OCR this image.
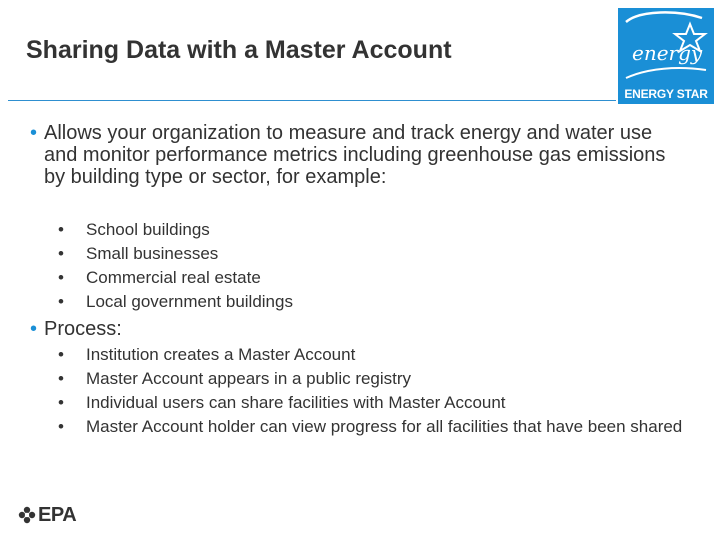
Sharing Data with a Master Account	energy
ENERGY STAR
• Allows your organization to measure and track energy and water use and monitor performance metrics including greenhouse gas emissions by building type or sector, for example:
• School buildings
• Small businesses
• Commercial real estate
• Local government buildings
• Process:
• Institution creates a Master Account
• Master Account appears in a public registry
• Individual users can share facilities with Master Account
• Master Account holder can view progress for all facilities that have been shared
EPA
